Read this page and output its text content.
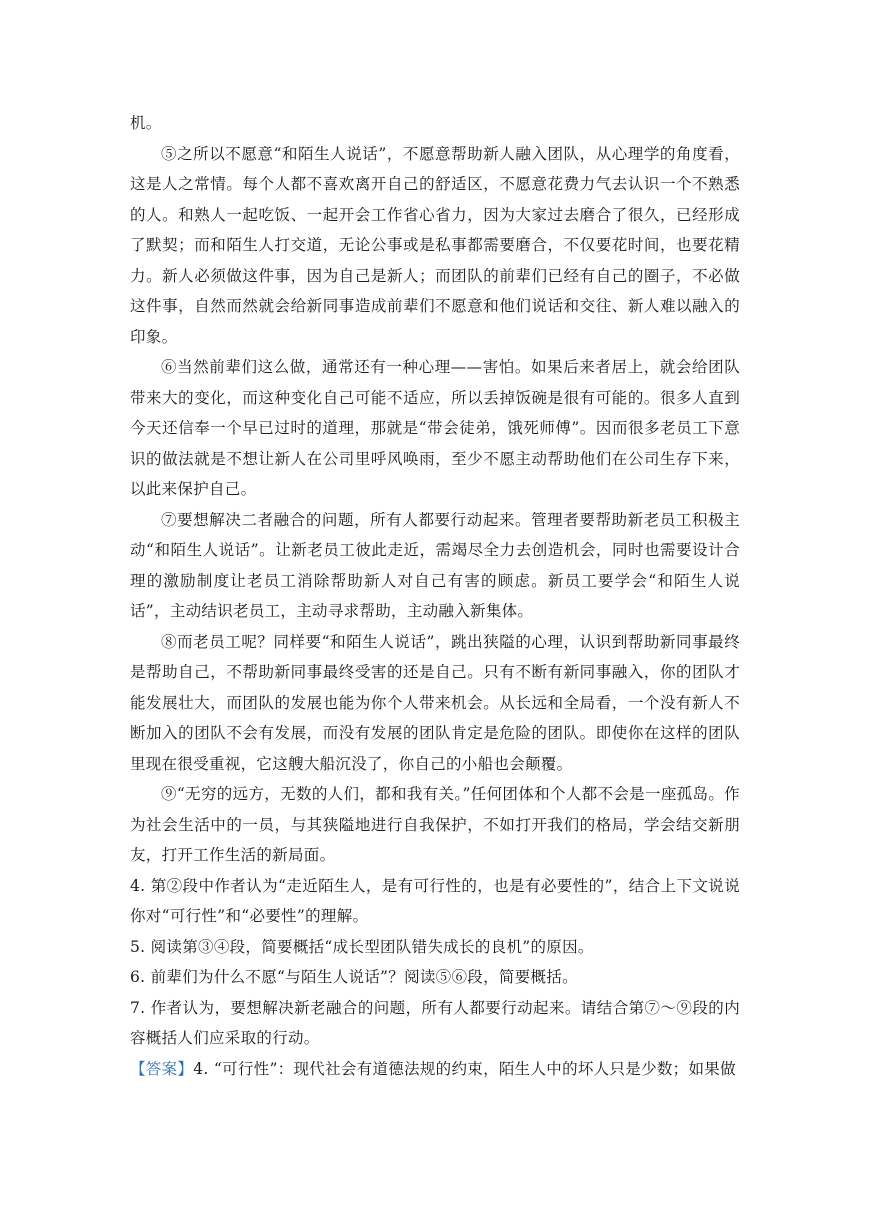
机。

⑤之所以不愿意“和陌生人说话”，不愿意帮助新人融入团队，从心理学的角度看，这是人之常情。每个人都不喜欢离开自己的舒适区，不愿意花费力气去认识一个不熟悉的人。和熟人一起吃饭、一起开会工作省心省力，因为大家过去磨合了很久，已经形成了默契；而和陌生人打交道，无论公事或是私事都需要磨合，不仅要花时间，也要花精力。新人必须做这件事，因为自己是新人；而团队的前辈们已经有自己的圈子，不必做这件事，自然而然就会给新同事造成前辈们不愿意和他们说话和交往、新人难以融入的印象。

⑥当然前辈们这么做，通常还有一种心理——害怕。如果后来者居上，就会给团队带来大的变化，而这种变化自己可能不适应，所以丢掉饭碗是很有可能的。很多人直到今天还信奉一个早已过时的道理，那就是“带会徒弟，饿死师傅”。因而很多老员工下意识的做法就是不想让新人在公司里呼风唤雨，至少不愿主动帮助他们在公司生存下来，以此来保护自己。

⑦要想解决二者融合的问题，所有人都要行动起来。管理者要帮助新老员工积极主动“和陌生人说话”。让新老员工彼此走近，需竭尽全力去创造机会，同时也需要设计合理的激励制度让老员工消除帮助新人对自己有害的顾虑。新员工要学会“和陌生人说话”，主动结识老员工，主动寻求帮助，主动融入新集体。

⑧而老员工呢？同样要“和陌生人说话”，跳出狭隘的心理，认识到帮助新同事最终是帮助自己，不帮助新同事最终受害的还是自己。只有不断有新同事融入，你的团队才能发展壮大，而团队的发展也能为你个人带来机会。从长远和全局看，一个没有新人不断加入的团队不会有发展，而没有发展的团队肯定是危险的团队。即使你在这样的团队里现在很受重视，它这艘大船沉没了，你自己的小船也会颠覆。

⑨“无穷的远方，无数的人们，都和我有关。”任何团体和个人都不会是一座孤岛。作为社会生活中的一员，与其狭隘地进行自我保护，不如打开我们的格局，学会结交新朋友，打开工作生活的新局面。

4. 第②段中作者认为“走近陌生人，是有可行性的，也是有必要性的”，结合上下文说说你对“可行性”和“必要性”的理解。

5. 阅读第③④段，简要概括“成长型团队错失成长的良机”的原因。

6. 前辈们为什么不愿“与陌生人说话”？阅读⑤⑥段，简要概括。

7. 作者认为，要想解决新老融合的问题，所有人都要行动起来。请结合第⑦～⑨段的内容概括人们应采取的行动。

【答案】4. “可行性”：现代社会有道德法规的约束，陌生人中的坏人只是少数；如果做
